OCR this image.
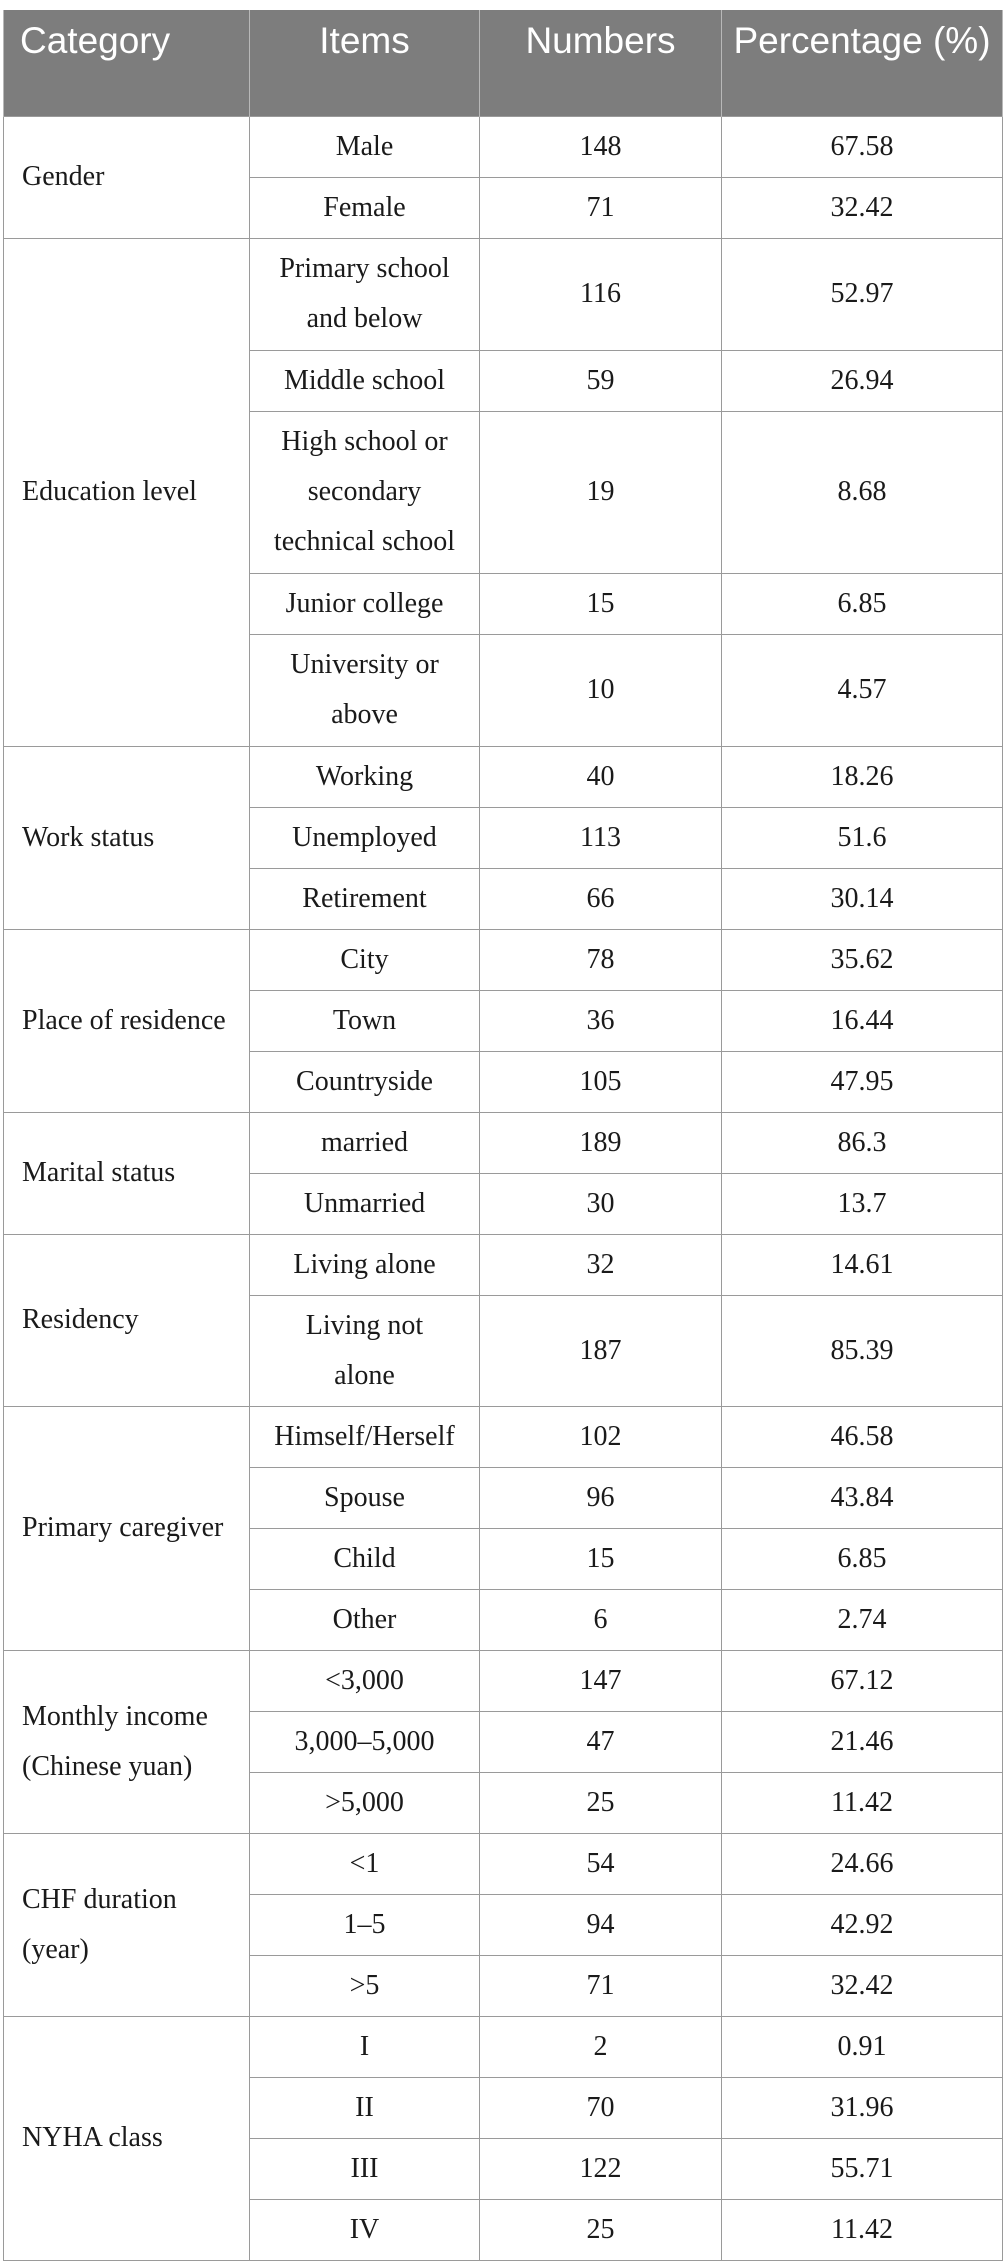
Category	Items	Numbers	Percentage (%)
Gender	Male	148	67.58
	Female	71	32.42
Education level	Primary school and below	116	52.97
	Middle school	59	26.94
	High school or secondary technical school	19	8.68
	Junior college	15	6.85
	University or above	10	4.57
Work status	Working	40	18.26
	Unemployed	113	51.6
	Retirement	66	30.14
Place of residence	City	78	35.62
	Town	36	16.44
	Countryside	105	47.95
Marital status	married	189	86.3
	Unmarried	30	13.7
Residency	Living alone	32	14.61
	Living not alone	187	85.39
Primary caregiver	Himself/Herself	102	46.58
	Spouse	96	43.84
	Child	15	6.85
	Other	6	2.74
Monthly income (Chinese yuan)	<3,000	147	67.12
	3,000–5,000	47	21.46
	>5,000	25	11.42
CHF duration (year)	<1	54	24.66
	1–5	94	42.92
	>5	71	32.42
NYHA class	I	2	0.91
	II	70	31.96
	III	122	55.71
	IV	25	11.42
